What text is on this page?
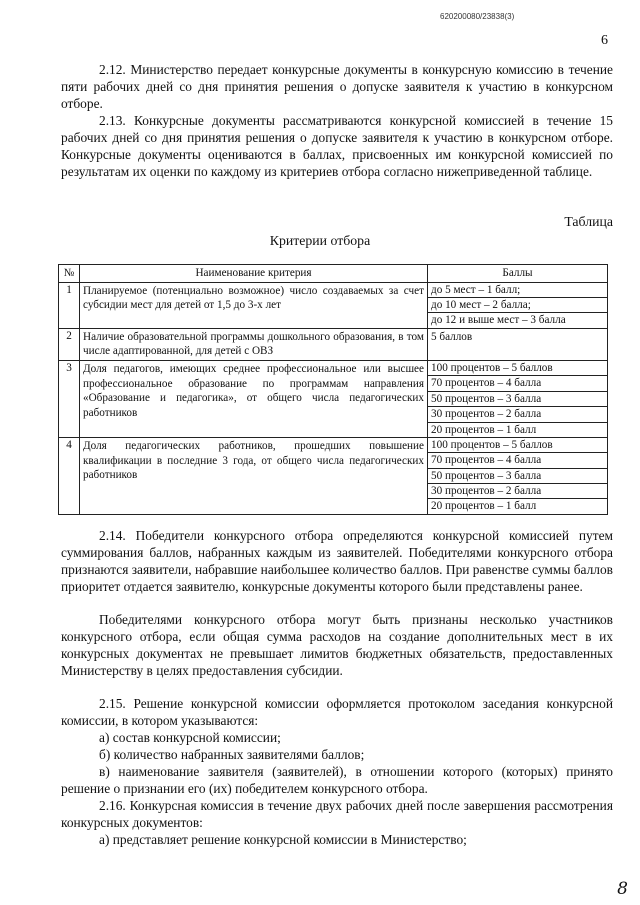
620200080/23838(3)
6
2.12. Министерство передает конкурсные документы в конкурсную комиссию в течение пяти рабочих дней со дня принятия решения о допуске заявителя к участию в конкурсном отборе.
2.13. Конкурсные документы рассматриваются конкурсной комиссией в течение 15 рабочих дней со дня принятия решения о допуске заявителя к участию в конкурсном отборе. Конкурсные документы оцениваются в баллах, присвоенных им конкурсной комиссией по результатам их оценки по каждому из критериев отбора согласно нижеприведенной таблице.
Таблица
Критерии отбора
№	Наименование критерия	Баллы
1	Планируемое (потенциально возможное) число создаваемых за счет субсидии мест для детей от 1,5 до 3-х лет	до 5 мест – 1 балл;
до 10 мест – 2 балла;
до 12 и выше мест – 3 балла

2	Наличие образовательной программы дошкольного образования, в том числе адаптированной, для детей с ОВЗ	5 баллов

3	Доля педагогов, имеющих среднее профессиональное или высшее профессиональное образование по программам направления «Образование и педагогика», от общего числа педагогических работников	100 процентов – 5 баллов
70 процентов – 4 балла
50 процентов – 3 балла
30 процентов – 2 балла
20 процентов – 1 балл

4	Доля педагогических работников, прошедших повышение квалификации в последние 3 года, от общего числа педагогических работников	100 процентов – 5 баллов
70 процентов – 4 балла
50 процентов – 3 балла
30 процентов – 2 балла
20 процентов – 1 балл
2.14. Победители конкурсного отбора определяются конкурсной комиссией путем суммирования баллов, набранных каждым из заявителей. Победителями конкурсного отбора признаются заявители, набравшие наибольшее количество баллов. При равенстве суммы баллов приоритет отдается заявителю, конкурсные документы которого были представлены ранее.
Победителями конкурсного отбора могут быть признаны несколько участников конкурсного отбора, если общая сумма расходов на создание дополнительных мест в их конкурсных документах не превышает лимитов бюджетных обязательств, предоставленных Министерству в целях предоставления субсидии.
2.15. Решение конкурсной комиссии оформляется протоколом заседания конкурсной комиссии, в котором указываются:
а) состав конкурсной комиссии;
б) количество набранных заявителями баллов;
в) наименование заявителя (заявителей), в отношении которого (которых) принято решение о признании его (их) победителем конкурсного отбора.
2.16. Конкурсная комиссия в течение двух рабочих дней после завершения рассмотрения конкурсных документов:
а) представляет решение конкурсной комиссии в Министерство;
8
